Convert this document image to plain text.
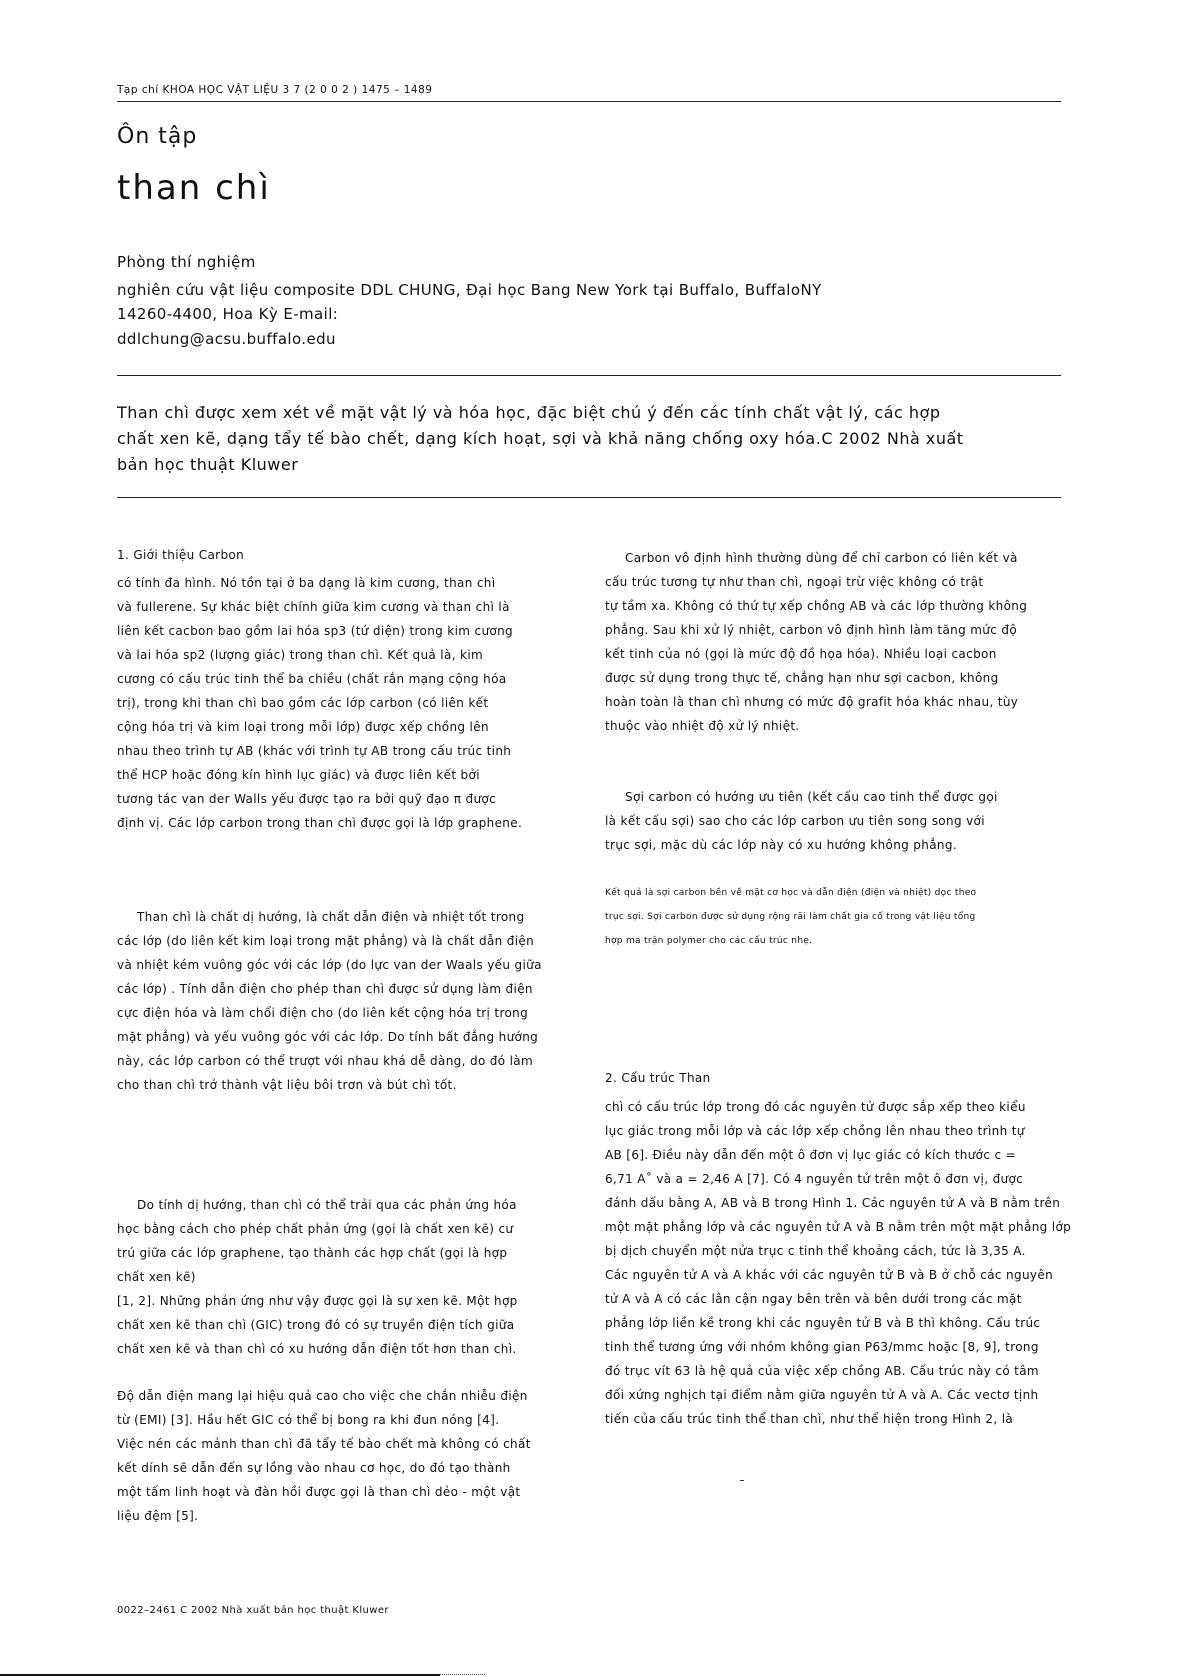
Tạp chí KHOA HỌC VẬT LIỆU 3 7 (2 0 0 2 ) 1475 – 1489
Ôn tập
than chì
Phòng thí nghiệm
nghiên cứu vật liệu composite DDL CHUNG, Đại học Bang New York tại Buffalo, BuffaloNY
14260-4400, Hoa Kỳ E-mail:
ddlchung@acsu.buffalo.edu
Than chì được xem xét về mặt vật lý và hóa học, đặc biệt chú ý đến các tính chất vật lý, các hợp
chất xen kẽ, dạng tẩy tế bào chết, dạng kích hoạt, sợi và khả năng chống oxy hóa.C 2002 Nhà xuất
bản học thuật Kluwer
1. Giới thiệu Carbon
có tính đa hình. Nó tồn tại ở ba dạng là kim cương, than chì
và fullerene. Sự khác biệt chính giữa kim cương và than chì là
liên kết cacbon bao gồm lai hóa sp3 (tứ diện) trong kim cương
và lai hóa sp2 (lượng giác) trong than chì. Kết quả là, kim
cương có cấu trúc tinh thể ba chiều (chất rắn mạng cộng hóa
trị), trong khi than chì bao gồm các lớp carbon (có liên kết
cộng hóa trị và kim loại trong mỗi lớp) được xếp chồng lên
nhau theo trình tự AB (khác với trình tự AB trong cấu trúc tinh
thể HCP hoặc đóng kín hình lục giác) và được liên kết bởi
tương tác van der Walls yếu được tạo ra bởi quỹ đạo π được
định vị. Các lớp carbon trong than chì được gọi là lớp graphene.
Than chì là chất dị hướng, là chất dẫn điện và nhiệt tốt trong
các lớp (do liên kết kim loại trong mặt phẳng) và là chất dẫn điện
và nhiệt kém vuông góc với các lớp (do lực van der Waals yếu giữa
các lớp) . Tính dẫn điện cho phép than chì được sử dụng làm điện
cực điện hóa và làm chổi điện cho (do liên kết cộng hóa trị trong
mặt phẳng) và yếu vuông góc với các lớp. Do tính bất đẳng hướng
này, các lớp carbon có thể trượt với nhau khá dễ dàng, do đó làm
cho than chì trở thành vật liệu bôi trơn và bút chì tốt.
Do tính dị hướng, than chì có thể trải qua các phản ứng hóa
học bằng cách cho phép chất phản ứng (gọi là chất xen kẽ) cư
trú giữa các lớp graphene, tạo thành các hợp chất (gọi là hợp
chất xen kẽ)
[1, 2]. Những phản ứng như vậy được gọi là sự xen kẽ. Một hợp
chất xen kẽ than chì (GIC) trong đó có sự truyền điện tích giữa
chất xen kẽ và than chì có xu hướng dẫn điện tốt hơn than chì.
Độ dẫn điện mang lại hiệu quả cao cho việc che chắn nhiễu điện
từ (EMI) [3]. Hầu hết GIC có thể bị bong ra khi đun nóng [4].
Việc nén các mảnh than chì đã tẩy tế bào chết mà không có chất
kết dính sẽ dẫn đến sự lồng vào nhau cơ học, do đó tạo thành
một tấm linh hoạt và đàn hồi được gọi là than chì dẻo - một vật
liệu đệm [5].
Carbon vô định hình thường dùng để chỉ carbon có liên kết và
cấu trúc tương tự như than chì, ngoại trừ việc không có trật
tự tầm xa. Không có thứ tự xếp chồng AB và các lớp thường không
phẳng. Sau khi xử lý nhiệt, carbon vô định hình làm tăng mức độ
kết tinh của nó (gọi là mức độ đồ họa hóa). Nhiều loại cacbon
được sử dụng trong thực tế, chẳng hạn như sợi cacbon, không
hoàn toàn là than chì nhưng có mức độ grafit hóa khác nhau, tùy
thuộc vào nhiệt độ xử lý nhiệt.
Sợi carbon có hướng ưu tiên (kết cấu cao tinh thể được gọi
là kết cấu sợi) sao cho các lớp carbon ưu tiên song song với
trục sợi, mặc dù các lớp này có xu hướng không phẳng.
Kết quả là sợi carbon bền về mặt cơ học và dẫn điện (điện và nhiệt) dọc theo
trục sợi. Sợi carbon được sử dụng rộng rãi làm chất gia cố trong vật liệu tổng
hợp ma trận polymer cho các cấu trúc nhẹ.
2. Cấu trúc Than
chì có cấu trúc lớp trong đó các nguyên tử được sắp xếp theo kiểu
lục giác trong mỗi lớp và các lớp xếp chồng lên nhau theo trình tự
AB [6]. Điều này dẫn đến một ô đơn vị lục giác có kích thước c =
6,71 A˚ và a = 2,46 A [7]. Có 4 nguyên tử trên một ô đơn vị, được
đánh dấu bằng A, AB và B trong Hình 1. Các nguyên tử A và B nằm trên
một mặt phẳng lớp và các nguyên tử A và B nằm trên một mặt phẳng lớp
bị dịch chuyển một nửa trục c tinh thể khoảng cách, tức là 3,35 A.
Các nguyên tử A và A khác với các nguyên tử B và B ở chỗ các nguyên
tử A và A có các lân cận ngay bên trên và bên dưới trong các mặt
phẳng lớp liền kề trong khi các nguyên tử B và B thì không. Cấu trúc
tinh thể tương ứng với nhóm không gian P63/mmc hoặc [8, 9], trong
đó trục vít 63 là hệ quả của việc xếp chồng AB. Cấu trúc này có tâm
đối xứng nghịch tại điểm nằm giữa nguyên tử A và A. Các vectơ tịnh
tiến của cấu trúc tinh thể than chì, như thể hiện trong Hình 2, là
0022–2461 C 2002 Nhà xuất bản học thuật Kluwer
